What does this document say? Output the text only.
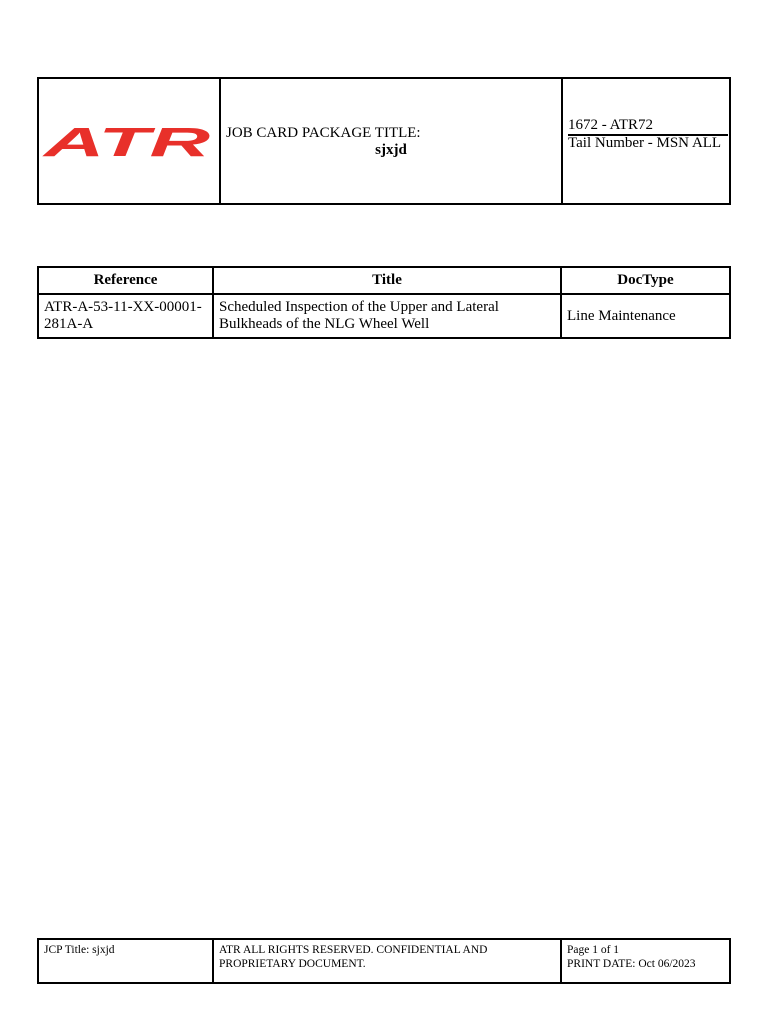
ATR JOB CARD PACKAGE TITLE:
sjxjd
1672 - ATR72
Tail Number - MSN ALL
Reference	Title	DocType
ATR-A-53-11-XX-00001-281A-A	Scheduled Inspection of the Upper and Lateral Bulkheads of the NLG Wheel Well	Line Maintenance
JCP Title: sjxjd	ATR ALL RIGHTS RESERVED. CONFIDENTIAL AND PROPRIETARY DOCUMENT.	
Page 1 of 1
PRINT DATE: Oct 06/2023
